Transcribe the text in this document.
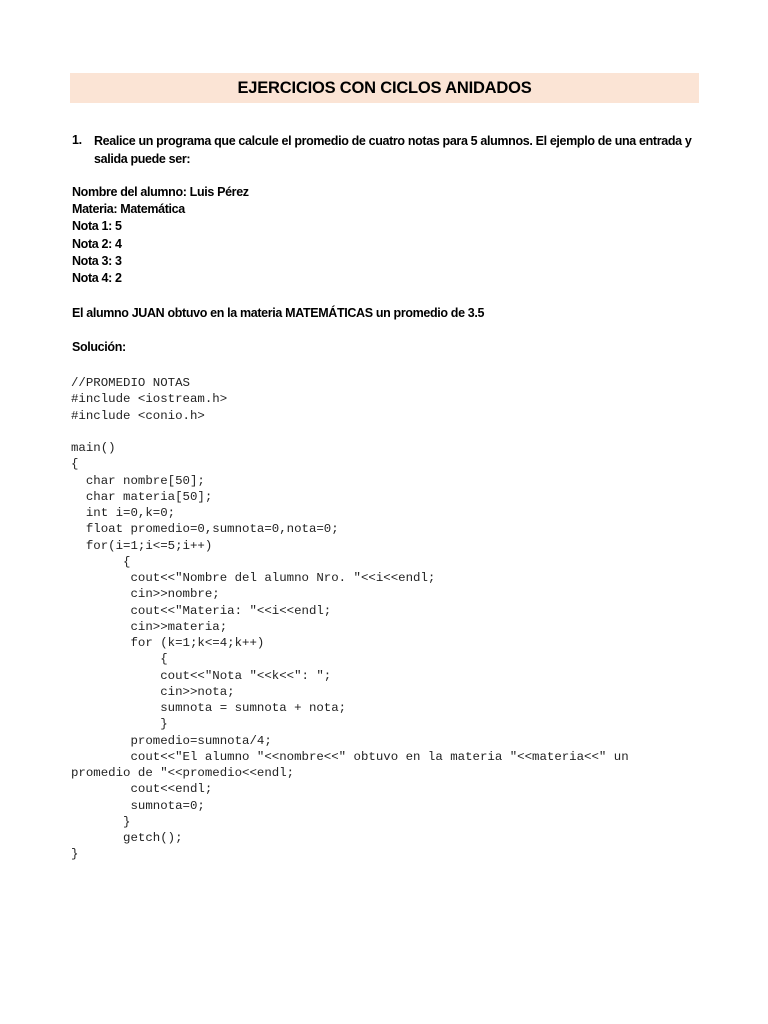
EJERCICIOS CON CICLOS ANIDADOS
1. Realice un programa que calcule el promedio de cuatro notas para 5 alumnos. El ejemplo de una entrada y salida puede ser:
Nombre del alumno: Luis Pérez
Materia: Matemática
Nota 1: 5
Nota 2: 4
Nota 3: 3
Nota 4: 2
El alumno JUAN obtuvo en la materia MATEMÁTICAS un promedio de 3.5
Solución:
//PROMEDIO NOTAS
#include <iostream.h>
#include <conio.h>
main()
{
char nombre[50];
char materia[50];
int i=0,k=0;
float promedio=0,sumnota=0,nota=0;
for(i=1;i<=5;i++)
{
cout<<"Nombre del alumno Nro. "<<i<<endl;
cin>>nombre;
cout<<"Materia: "<<i<<endl;
cin>>materia;
for (k=1;k<=4;k++)
{
cout<<"Nota "<<k<<": ";
cin>>nota;
sumnota = sumnota + nota;
}
promedio=sumnota/4;
cout<<"El alumno "<<nombre<<" obtuvo en la materia "<<materia<<" un
promedio de "<<promedio<<endl;
cout<<endl;
sumnota=0;
}
getch();
}
